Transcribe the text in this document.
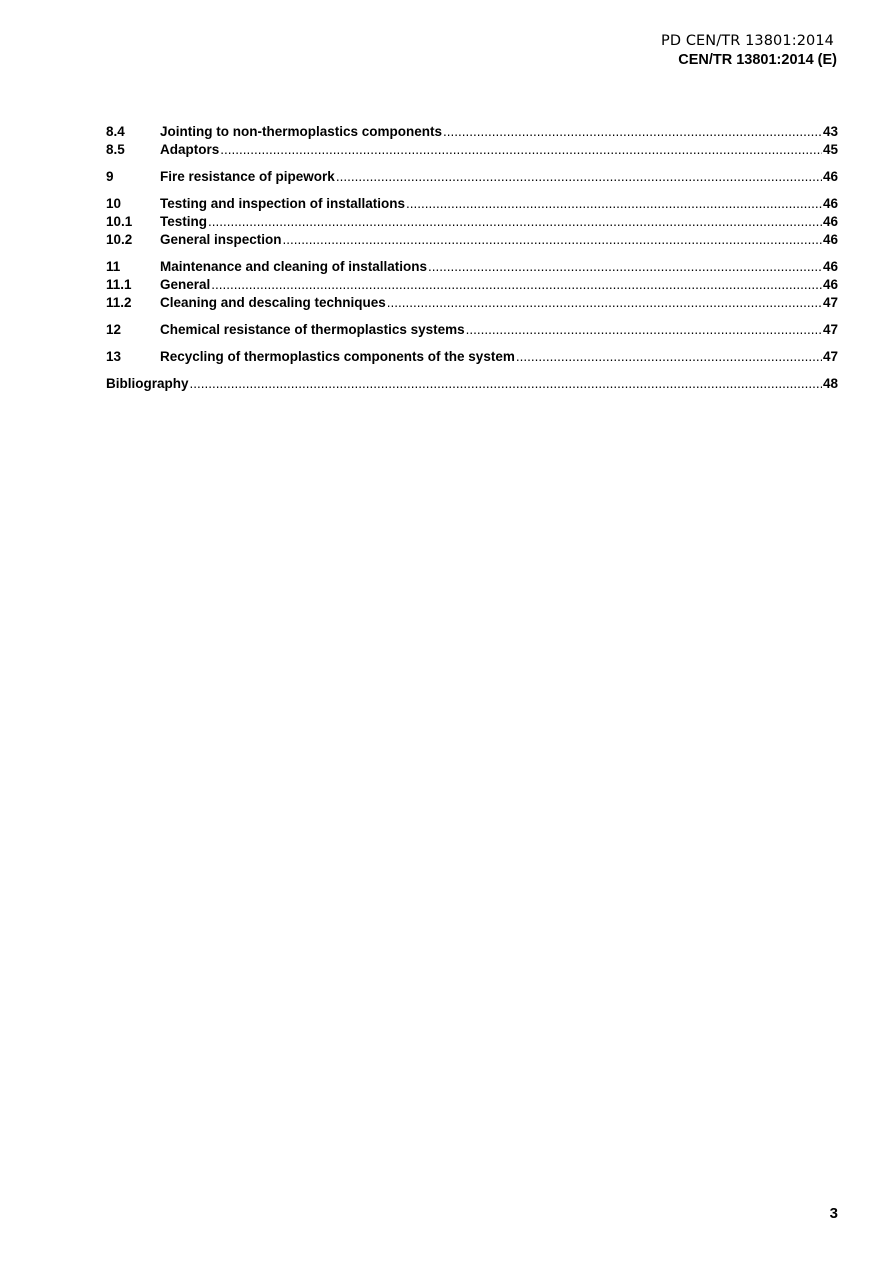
PD CEN/TR 13801:2014
CEN/TR 13801:2014 (E)
8.4	Jointing to non-thermoplastics components .....	43
8.5	Adaptors .....	45
9	Fire resistance of pipework .....	46
10	Testing and inspection of installations .....	46
10.1	Testing .....	46
10.2	General inspection .....	46
11	Maintenance and cleaning of installations .....	46
11.1	General .....	46
11.2	Cleaning and descaling techniques .....	47
12	Chemical resistance of thermoplastics systems .....	47
13	Recycling of thermoplastics components of the system .....	47
Bibliography .....	48
3
